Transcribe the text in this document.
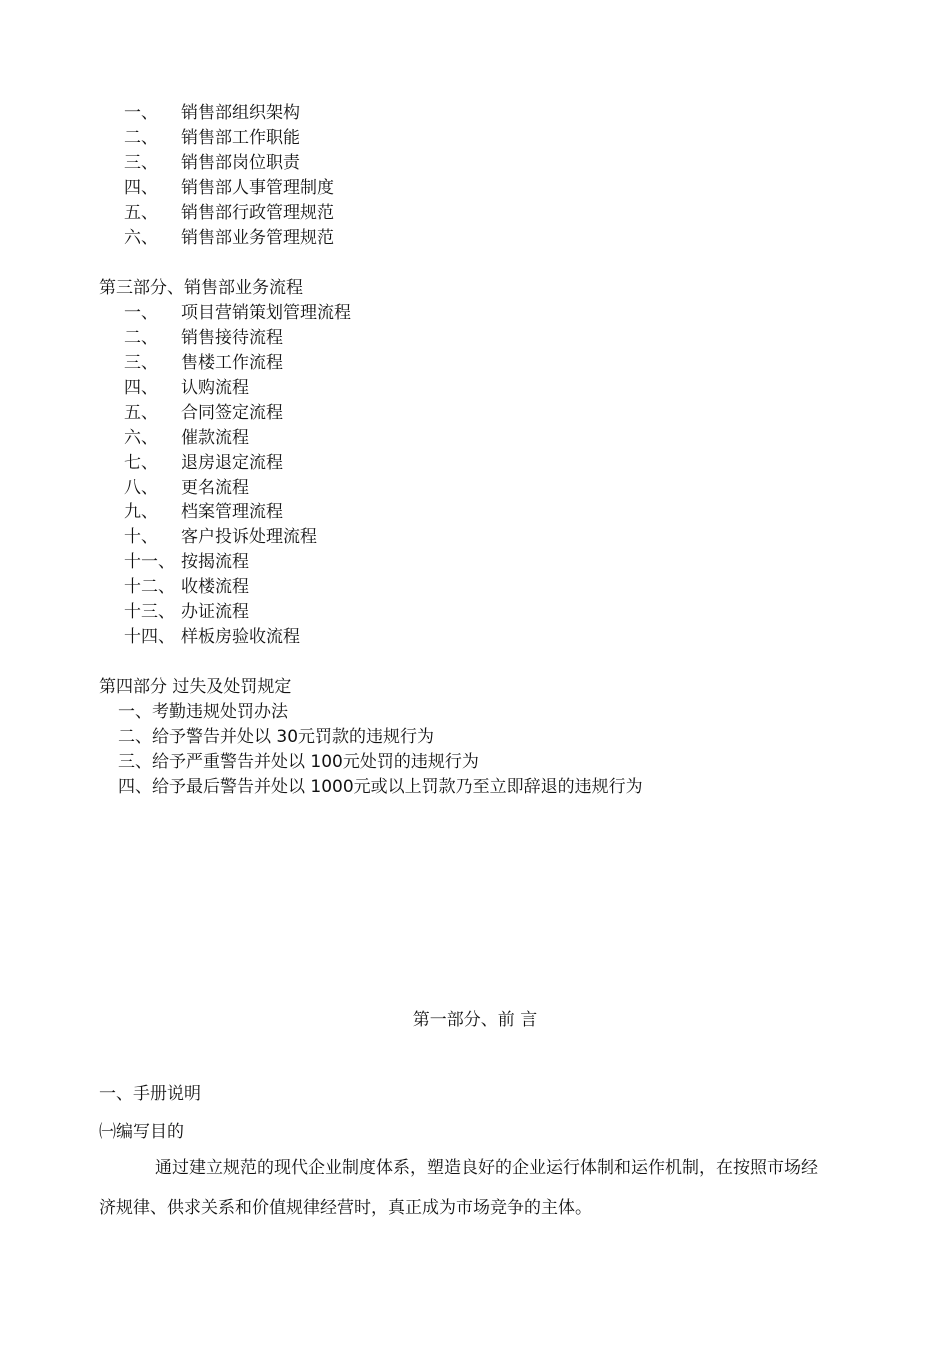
一、 销售部组织架构
二、 销售部工作职能
三、 销售部岗位职责
四、 销售部人事管理制度
五、 销售部行政管理规范
六、 销售部业务管理规范
第三部分、销售部业务流程
一、 项目营销策划管理流程
二、 销售接待流程
三、 售楼工作流程
四、 认购流程
五、 合同签定流程
六、 催款流程
七、 退房退定流程
八、 更名流程
九、 档案管理流程
十、 客户投诉处理流程
十一、 按揭流程
十二、 收楼流程
十三、 办证流程
十四、 样板房验收流程
第四部分 过失及处罚规定
一、考勤违规处罚办法
二、给予警告并处以 30元罚款的违规行为
三、给予严重警告并处以 100元处罚的违规行为
四、给予最后警告并处以 1000元或以上罚款乃至立即辞退的违规行为
第一部分、前 言
一、手册说明
㈠编写目的
通过建立规范的现代企业制度体系，塑造良好的企业运行体制和运作机制，在按照市场经济规律、供求关系和价值规律经营时，真正成为市场竞争的主体。
